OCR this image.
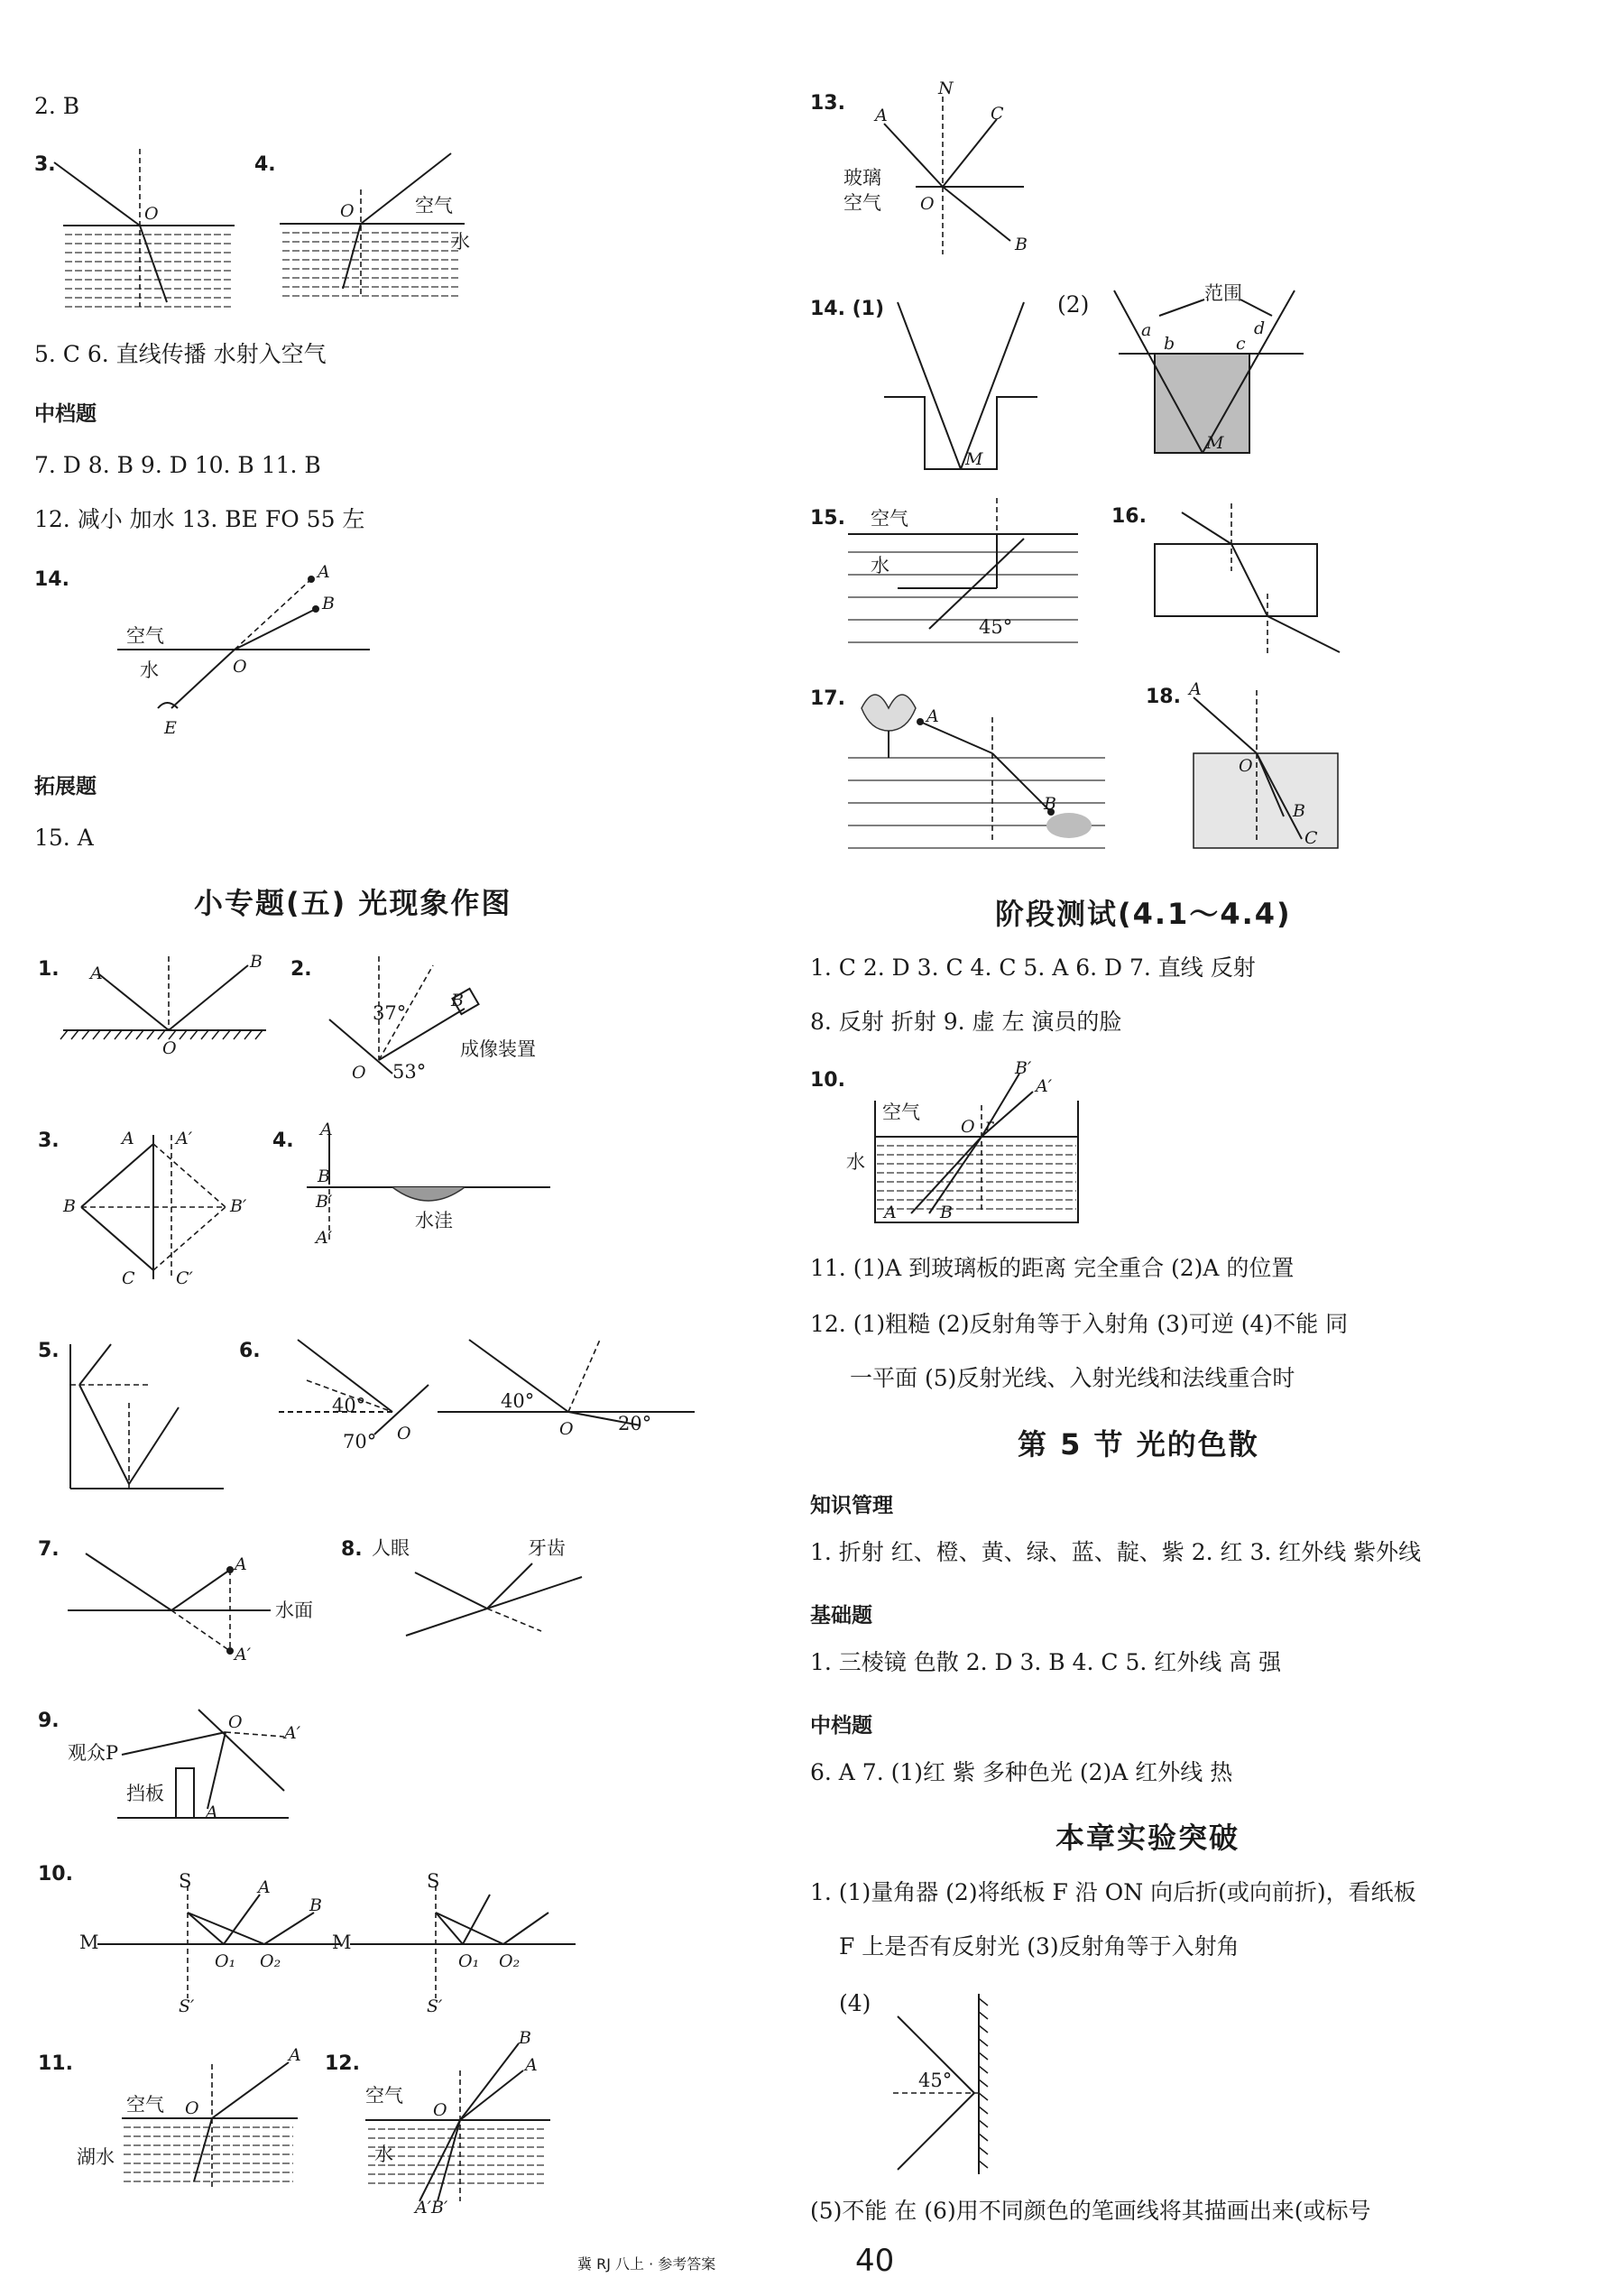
2. B
3.
O
4.
O	空气
水
5. C 6. 直线传播 水射入空气
中档题
7. D 8. B 9. D 10. B 11. B
12. 减小 加水 13. BE FO 55 左
14.	A
B
O
空气
水
E
拓展题
15. A
小专题(五) 光现象作图
1. A
B
O
2.
37°
53°
B
O
成像装置
3.	A A′
B	B′
C C′
4. A
B
B′
A′
水洼
5.	6.
40°
70° O
40°
20°
O
7.
A
A′
水面
8. 人眼	牙齿
9.
观众P
挡板
O
A′
A
10.
M
S
S′
O₁ O₂
A
B
M
S
S′
O₁ O₂
11.	A
O
空气
湖水
12.
B
A
A′B′
O
空气
水
13.
A
N
C
B
O
玻璃
空气
14. (1)
M
(2)
a
b	c
d
M
范围
15. 空气
水
45°
16.
17.
A
B
18. A
O
B
C
阶段测试(4.1～4.4)
1. C 2. D 3. C 4. C 5. A 6. D 7. 直线 反射
8. 反射 折射 9. 虚 左 演员的脸
10.
B′
A′
O r
A	B
空气
水
11. (1)A 到玻璃板的距离 完全重合 (2)A 的位置
12. (1)粗糙 (2)反射角等于入射角 (3)可逆 (4)不能 同
一平面 (5)反射光线、入射光线和法线重合时
第 5 节 光的色散
知识管理
1. 折射 红、橙、黄、绿、蓝、靛、紫 2. 红 3. 红外线 紫外线
基础题
1. 三棱镜 色散 2. D 3. B 4. C 5. 红外线 高 强
中档题
6. A 7. (1)红 紫 多种色光 (2)A 红外线 热
本章实验突破
1. (1)量角器 (2)将纸板 F 沿 ON 向后折(或向前折)，看纸板
F 上是否有反射光 (3)反射角等于入射角
(4)
45°
(5)不能 在 (6)用不同颜色的笔画线将其描画出来(或标号
冀 RJ 八上 · 参考答案	40
